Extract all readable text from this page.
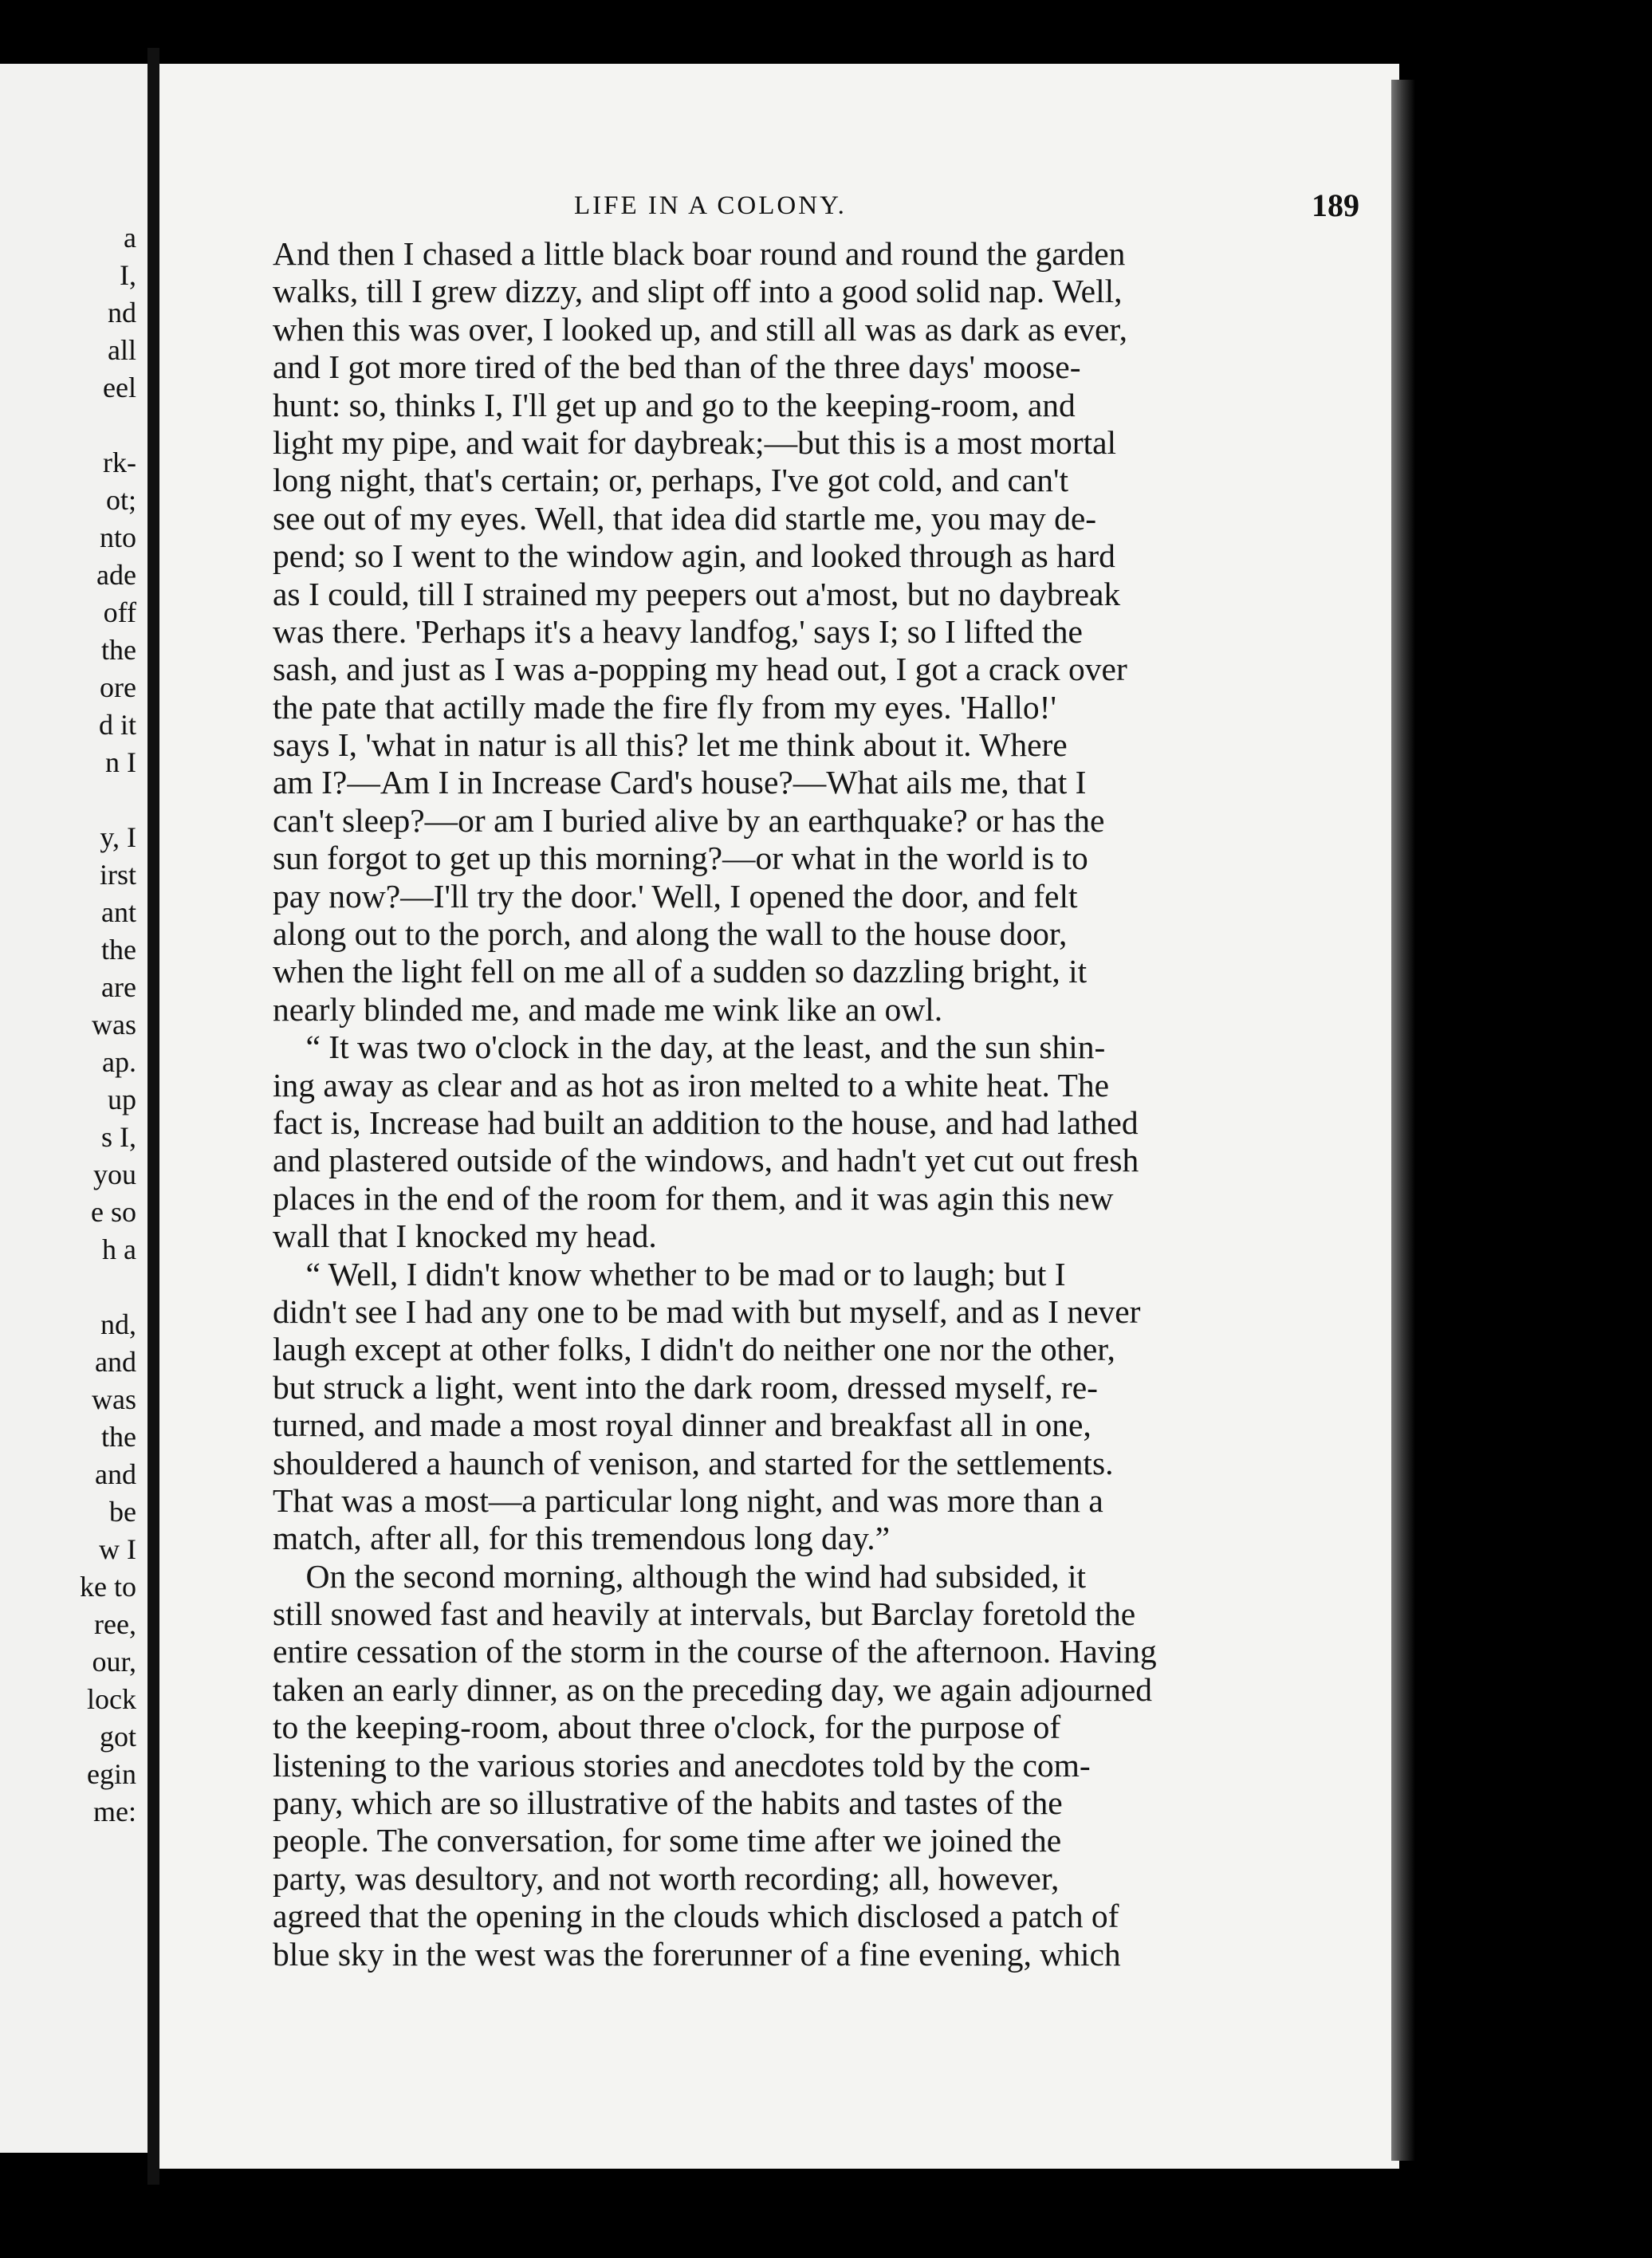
a
I,
nd
all
eel
rk-
ot;
nto
ade
off
the
ore
d it
n I
y, I
irst
ant
the
are
was
ap.
up
s I,
you
e so
h a
nd,
and
was
the
and
be
w I
ke to
ree,
our,
lock
got
egin
me:
LIFE IN A COLONY.	189
And then I chased a little black boar round and round the garden
walks, till I grew dizzy, and slipt off into a good solid nap. Well,
when this was over, I looked up, and still all was as dark as ever,
and I got more tired of the bed than of the three days' moose-
hunt: so, thinks I, I'll get up and go to the keeping-room, and
light my pipe, and wait for daybreak;—but this is a most mortal
long night, that's certain; or, perhaps, I've got cold, and can't
see out of my eyes. Well, that idea did startle me, you may de-
pend; so I went to the window agin, and looked through as hard
as I could, till I strained my peepers out a'most, but no daybreak
was there. 'Perhaps it's a heavy landfog,' says I; so I lifted the
sash, and just as I was a-popping my head out, I got a crack over
the pate that actilly made the fire fly from my eyes. 'Hallo!'
says I, 'what in natur is all this? let me think about it. Where
am I?—Am I in Increase Card's house?—What ails me, that I
can't sleep?—or am I buried alive by an earthquake? or has the
sun forgot to get up this morning?—or what in the world is to
pay now?—I'll try the door.' Well, I opened the door, and felt
along out to the porch, and along the wall to the house door,
when the light fell on me all of a sudden so dazzling bright, it
nearly blinded me, and made me wink like an owl.
“ It was two o'clock in the day, at the least, and the sun shin-
ing away as clear and as hot as iron melted to a white heat. The
fact is, Increase had built an addition to the house, and had lathed
and plastered outside of the windows, and hadn't yet cut out fresh
places in the end of the room for them, and it was agin this new
wall that I knocked my head.
“ Well, I didn't know whether to be mad or to laugh; but I
didn't see I had any one to be mad with but myself, and as I never
laugh except at other folks, I didn't do neither one nor the other,
but struck a light, went into the dark room, dressed myself, re-
turned, and made a most royal dinner and breakfast all in one,
shouldered a haunch of venison, and started for the settlements.
That was a most—a particular long night, and was more than a
match, after all, for this tremendous long day.”
On the second morning, although the wind had subsided, it
still snowed fast and heavily at intervals, but Barclay foretold the
entire cessation of the storm in the course of the afternoon. Having
taken an early dinner, as on the preceding day, we again adjourned
to the keeping-room, about three o'clock, for the purpose of
listening to the various stories and anecdotes told by the com-
pany, which are so illustrative of the habits and tastes of the
people. The conversation, for some time after we joined the
party, was desultory, and not worth recording; all, however,
agreed that the opening in the clouds which disclosed a patch of
blue sky in the west was the forerunner of a fine evening, which
